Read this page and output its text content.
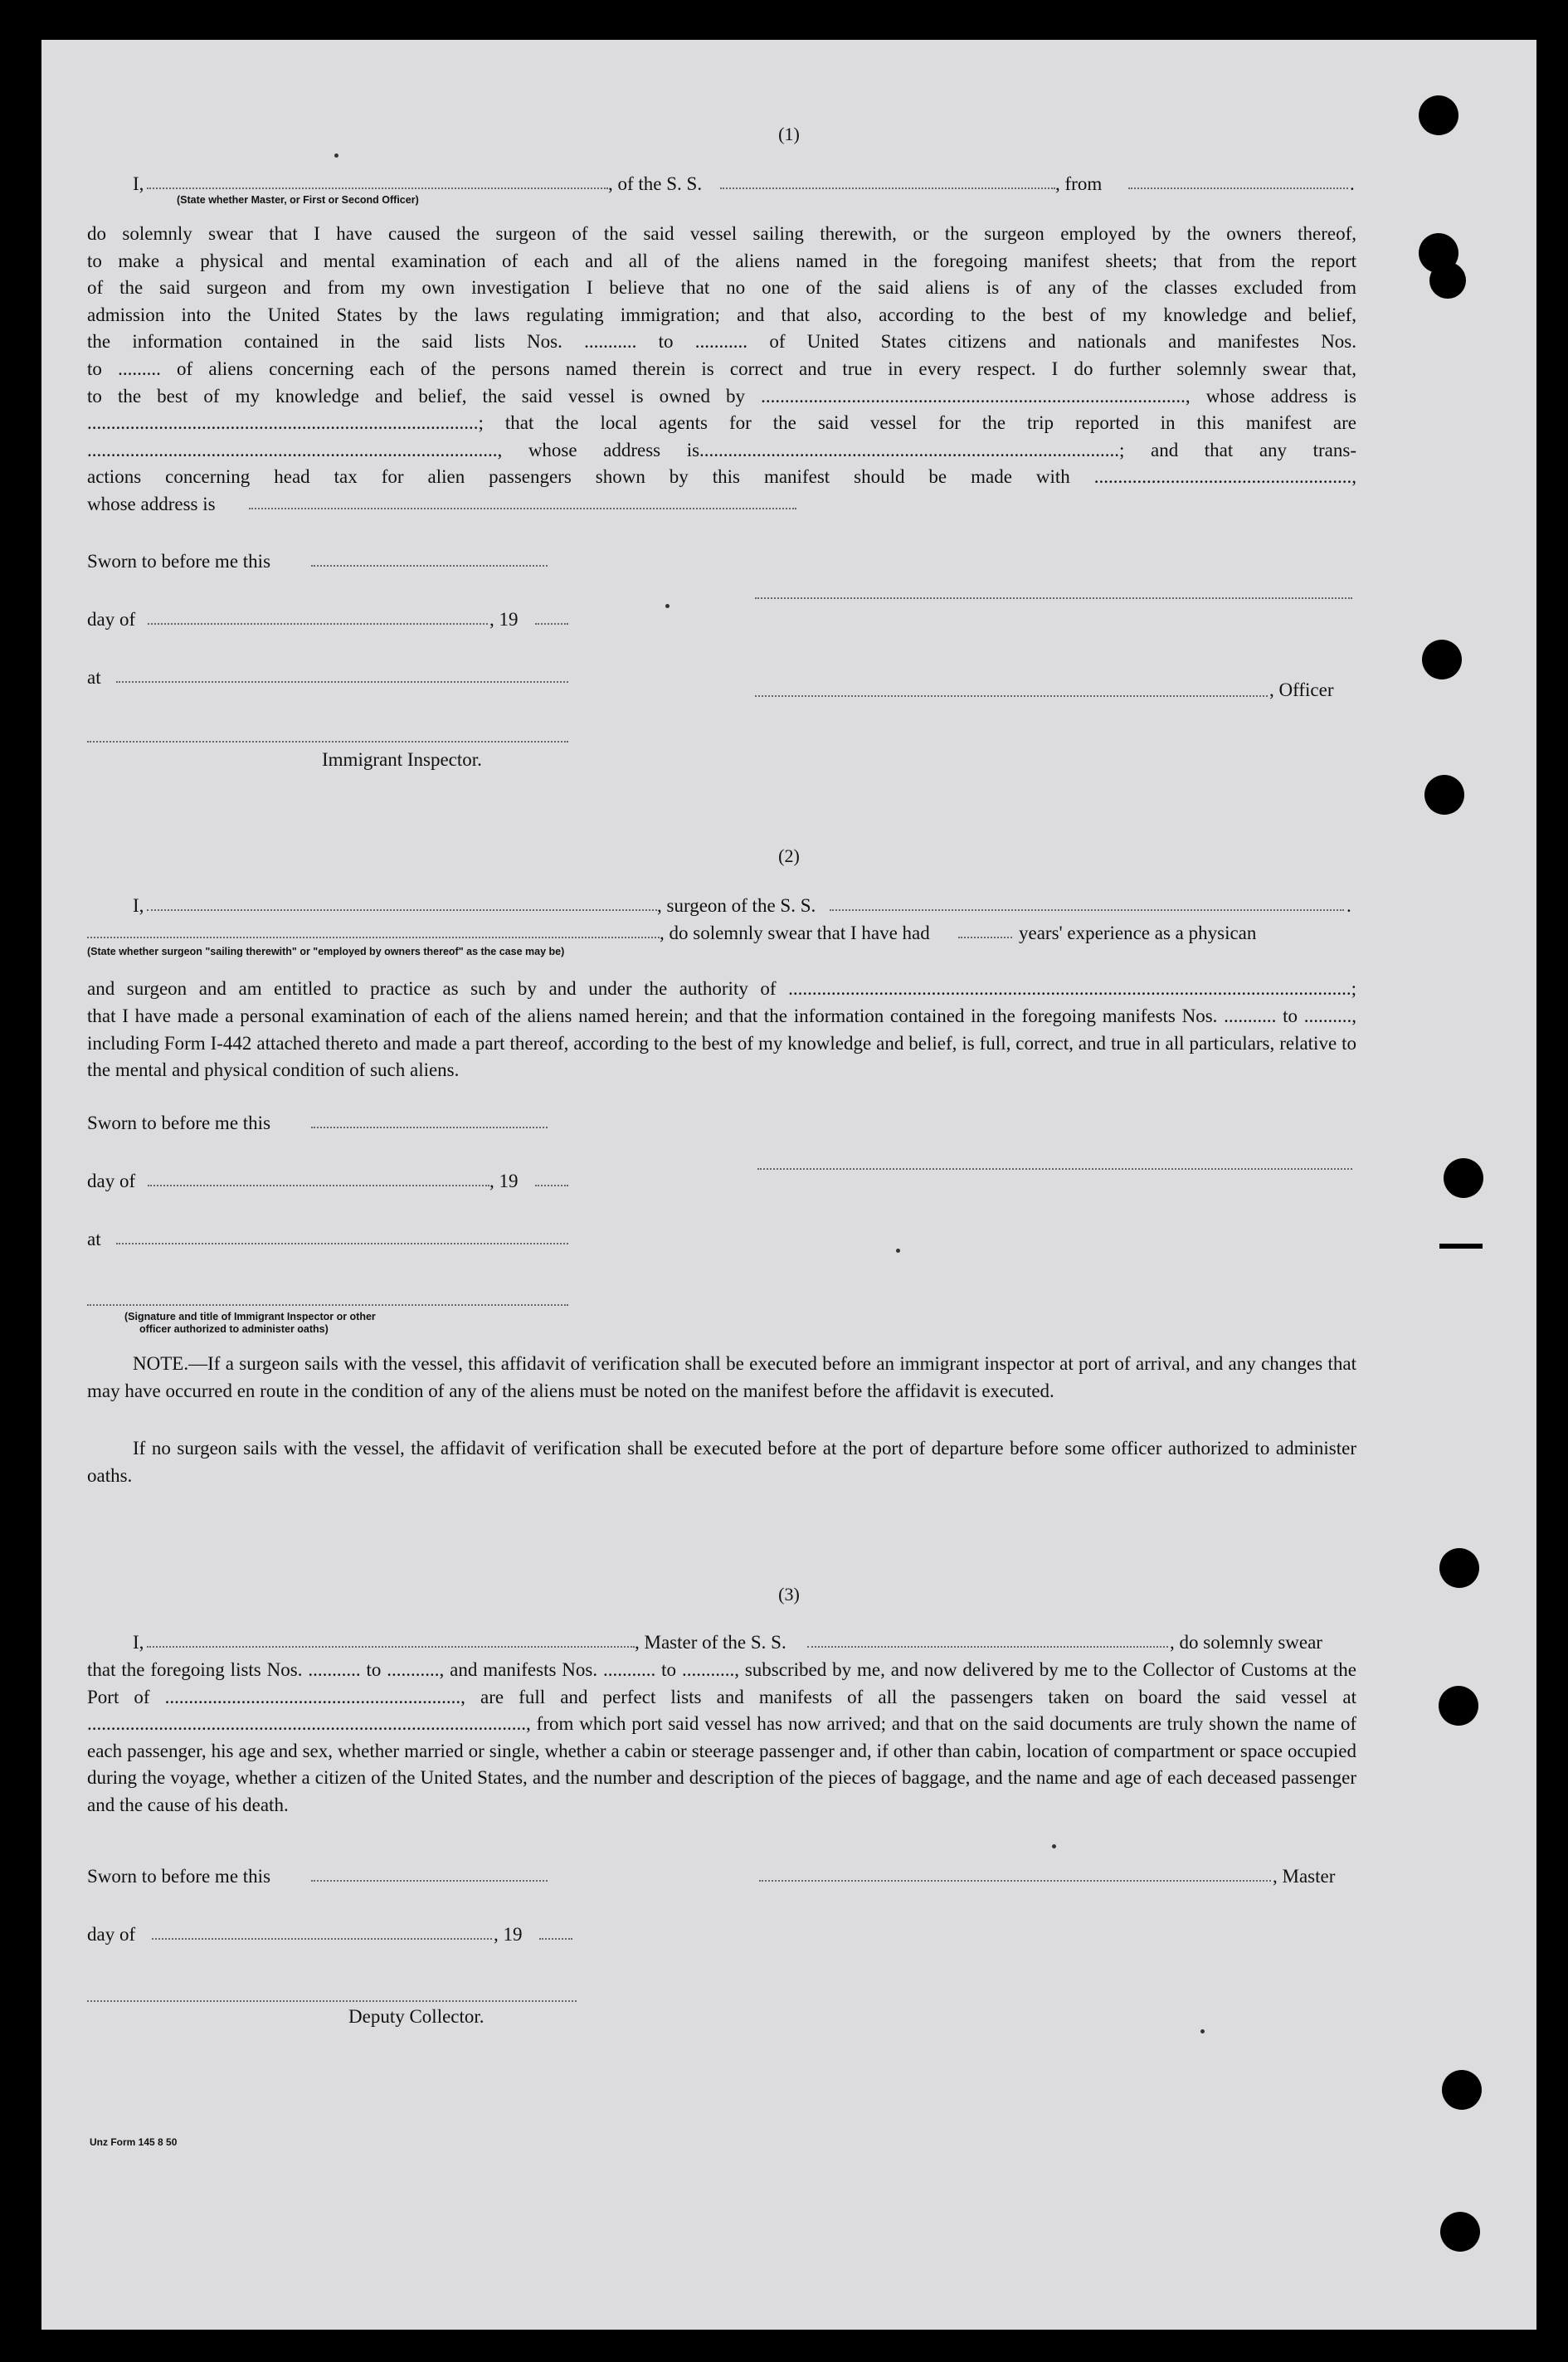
(1)
I,	, of the S. S.	, from	.
(State whether Master, or First or Second Officer)
do solemnly swear that I have caused the surgeon of the said vessel sailing therewith, or the surgeon employed by the owners thereof,
to make a physical and mental examination of each and all of the aliens named in the foregoing manifest sheets; that from the report
of the said surgeon and from my own investigation I believe that no one of the said aliens is of any of the classes excluded from
admission into the United States by the laws regulating immigration; and that also, according to the best of my knowledge and belief,
the information contained in the said lists Nos. ........... to ........... of United States citizens and nationals and manifestes Nos.
to ......... of aliens concerning each of the persons named therein is correct and true in every respect. I do further solemnly swear that,
to the best of my knowledge and belief, the said vessel is owned by ........................................................................................., whose address is
..................................................................................; that the local agents for the said vessel for the trip reported in this manifest are
......................................................................................, whose address is........................................................................................; and that any trans-
actions concerning head tax for alien passengers shown by this manifest should be made with ......................................................,
whose address is
Sworn to before me this
day of	, 19
at
, Officer
Immigrant Inspector.
(2)
I,	, surgeon of the S. S.	.
, do solemnly swear that I have had	years' experience as a physican
(State whether surgeon "sailing therewith" or "employed by owners thereof" as the case may be)
and surgeon and am entitled to practice as such by and under the authority of ......................................................................................................................;
that I have made a personal examination of each of the aliens named herein; and that the information contained in the foregoing manifests Nos. ........... to .........., including Form I-442 attached thereto and made a part thereof, according to the best of my knowledge and belief, is full, correct, and true in all particulars, relative to the mental and physical condition of such aliens.
Sworn to before me this
day of	, 19
at
(Signature and title of Immigrant Inspector or other
officer authorized to administer oaths)
NOTE.—If a surgeon sails with the vessel, this affidavit of verification shall be executed before an immigrant inspector at port of arrival, and any changes that may have occurred en route in the condition of any of the aliens must be noted on the manifest before the affidavit is executed.
If no surgeon sails with the vessel, the affidavit of verification shall be executed before at the port of departure before some officer authorized to administer oaths.
(3)
I,	, Master of the S. S.	, do solemnly swear
that the foregoing lists Nos. ........... to ..........., and manifests Nos. ........... to ..........., subscribed by me, and now delivered by me to the Collector of Customs at the Port of .............................................................., are full and perfect lists and manifests of all the passengers taken on board the said vessel at ............................................................................................, from which port said vessel has now arrived; and that on the said documents are truly shown the name of each passenger, his age and sex, whether married or single, whether a cabin or steerage passenger and, if other than cabin, location of compartment or space occupied during the voyage, whether a citizen of the United States, and the number and description of the pieces of baggage, and the name and age of each deceased passenger and the cause of his death.
Sworn to before me this	, Master
day of	, 19
Deputy Collector.
Unz Form 145 8 50
